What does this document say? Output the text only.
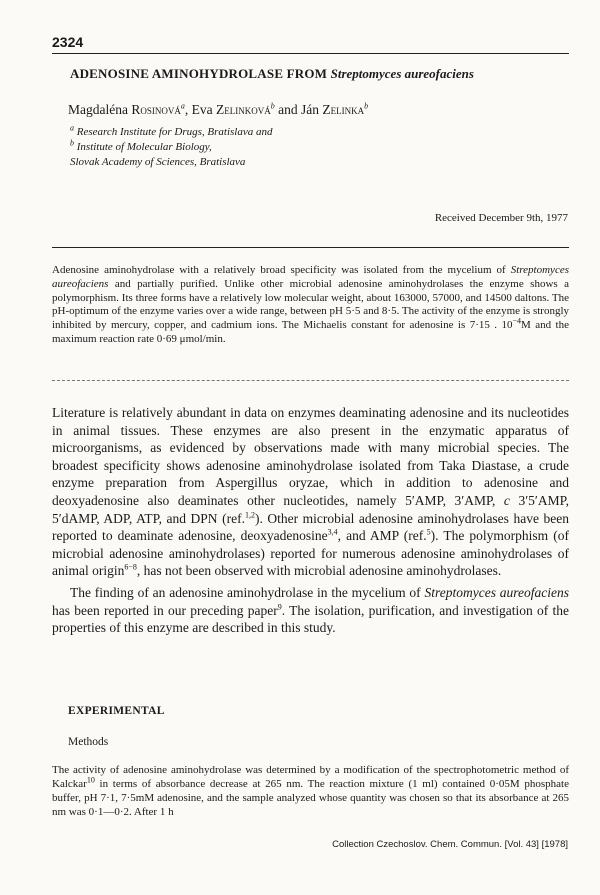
2324
ADENOSINE AMINOHYDROLASE FROM Streptomyces aureofaciens
Magdaléna Rosinová$^a$, Eva Zelinková$^b$ and Ján Zelinka$^b$
$^a$ Research Institute for Drugs, Bratislava and
$^b$ Institute of Molecular Biology,
Slovak Academy of Sciences, Bratislava
Received December 9th, 1977
Adenosine aminohydrolase with a relatively broad specificity was isolated from the mycelium of Streptomyces aureofaciens and partially purified. Unlike other microbial adenosine aminohydrolases the enzyme shows a polymorphism. Its three forms have a relatively low molecular weight, about 163000, 57000, and 14500 daltons. The pH-optimum of the enzyme varies over a wide range, between pH 5·5 and 8·5. The activity of the enzyme is strongly inhibited by mercury, copper, and cadmium ions. The Michaelis constant for adenosine is 7·15 . $10^{-4}M$ and the maximum reaction rate 0·69 μmol/min.

Literature is relatively abundant in data on enzymes deaminating adenosine and its nucleotides in animal tissues. These enzymes are also present in the enzymatic apparatus of microorganisms, as evidenced by observations made with many microbial species. The broadest specificity shows adenosine aminohydrolase isolated from Taka Diastase, a crude enzyme preparation from Aspergillus oryzae, which in addition to adenosine and deoxyadenosine also deaminates other nucleotides, namely 5′AMP, 3′AMP, c 3′5′AMP, 5′dAMP, ADP, ATP, and DPN (ref.$^{1,2}$). Other microbial adenosine aminohydrolases have been reported to deaminate adenosine, deoxyadenosine$^{3,4}$, and AMP (ref.$^5$). The polymorphism (of microbial adenosine aminohydrolases) reported for numerous adenosine aminohydrolases of animal origin$^{6-8}$, has not been observed with microbial adenosine aminohydrolases.

The finding of an adenosine aminohydrolase in the mycelium of Streptomyces aureofaciens has been reported in our preceding paper$^9$. The isolation, purification, and investigation of the properties of this enzyme are described in this study.

EXPERIMENTAL
Methods
The activity of adenosine aminohydrolase was determined by a modification of the spectrophotometric method of Kalckar$^{10}$ in terms of absorbance decrease at 265 nm. The reaction mixture (1 ml) contained 0·05M phosphate buffer, pH 7·1, 7·5mM adenosine, and the sample analyzed whose quantity was chosen so that its absorbance at 265 nm was 0·1—0·2. After 1 h
Collection Czechoslov. Chem. Commun. [Vol. 43] [1978]
